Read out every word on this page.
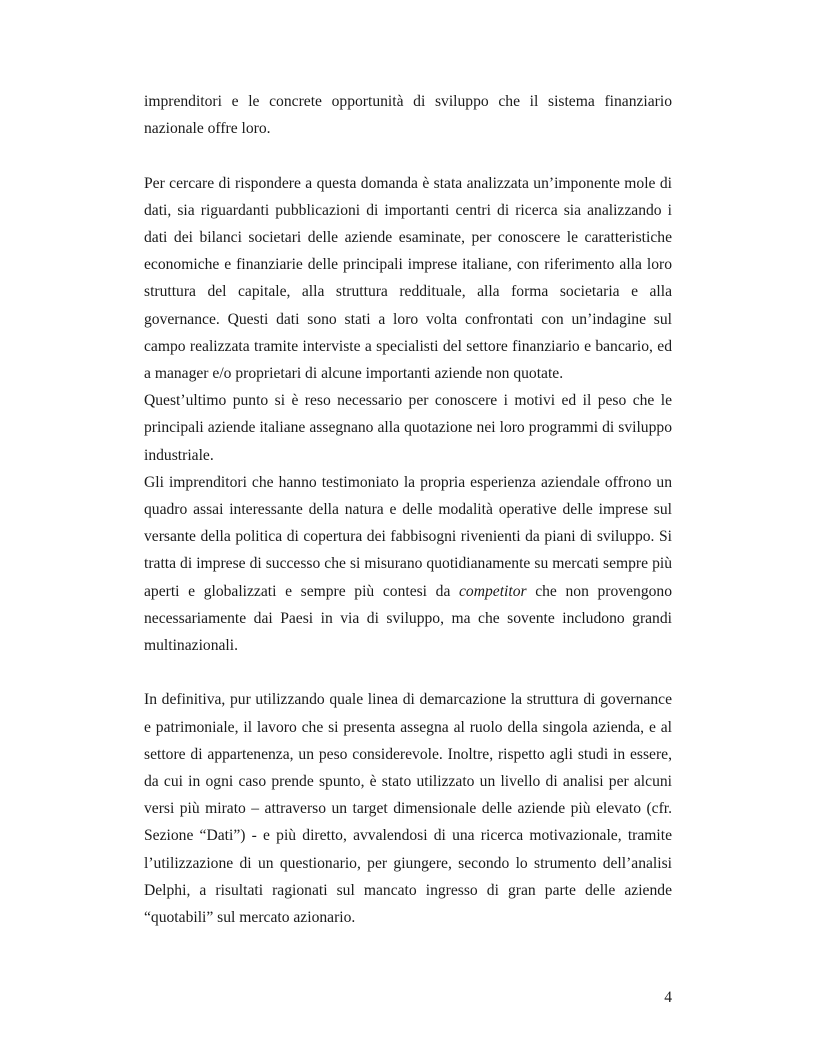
imprenditori e le concrete opportunità di sviluppo che il sistema finanziario nazionale offre loro.

Per cercare di rispondere a questa domanda è stata analizzata un’imponente mole di dati, sia riguardanti pubblicazioni di importanti centri di ricerca sia analizzando i dati dei bilanci societari delle aziende esaminate, per conoscere le caratteristiche economiche e finanziarie delle principali imprese italiane, con riferimento alla loro struttura del capitale, alla struttura reddituale, alla forma societaria e alla governance. Questi dati sono stati a loro volta confrontati con un’indagine sul campo realizzata tramite interviste a specialisti del settore finanziario e bancario, ed a manager e/o proprietari di alcune importanti aziende non quotate.

Quest’ultimo punto si è reso necessario per conoscere i motivi ed il peso che le principali aziende italiane assegnano alla quotazione nei loro programmi di sviluppo industriale.

Gli imprenditori che hanno testimoniato la propria esperienza aziendale offrono un quadro assai interessante della natura e delle modalità operative delle imprese sul versante della politica di copertura dei fabbisogni rivenienti da piani di sviluppo. Si tratta di imprese di successo che si misurano quotidianamente su mercati sempre più aperti e globalizzati e sempre più contesi da competitor che non provengono necessariamente dai Paesi in via di sviluppo, ma che sovente includono grandi multinazionali.

In definitiva, pur utilizzando quale linea di demarcazione la struttura di governance e patrimoniale, il lavoro che si presenta assegna al ruolo della singola azienda, e al settore di appartenenza, un peso considerevole. Inoltre, rispetto agli studi in essere, da cui in ogni caso prende spunto, è stato utilizzato un livello di analisi per alcuni versi più mirato – attraverso un target dimensionale delle aziende più elevato (cfr. Sezione “Dati”) - e più diretto, avvalendosi di una ricerca motivazionale, tramite l’utilizzazione di un questionario, per giungere, secondo lo strumento dell’analisi Delphi, a risultati ragionati sul mancato ingresso di gran parte delle aziende “quotabili” sul mercato azionario.

4
